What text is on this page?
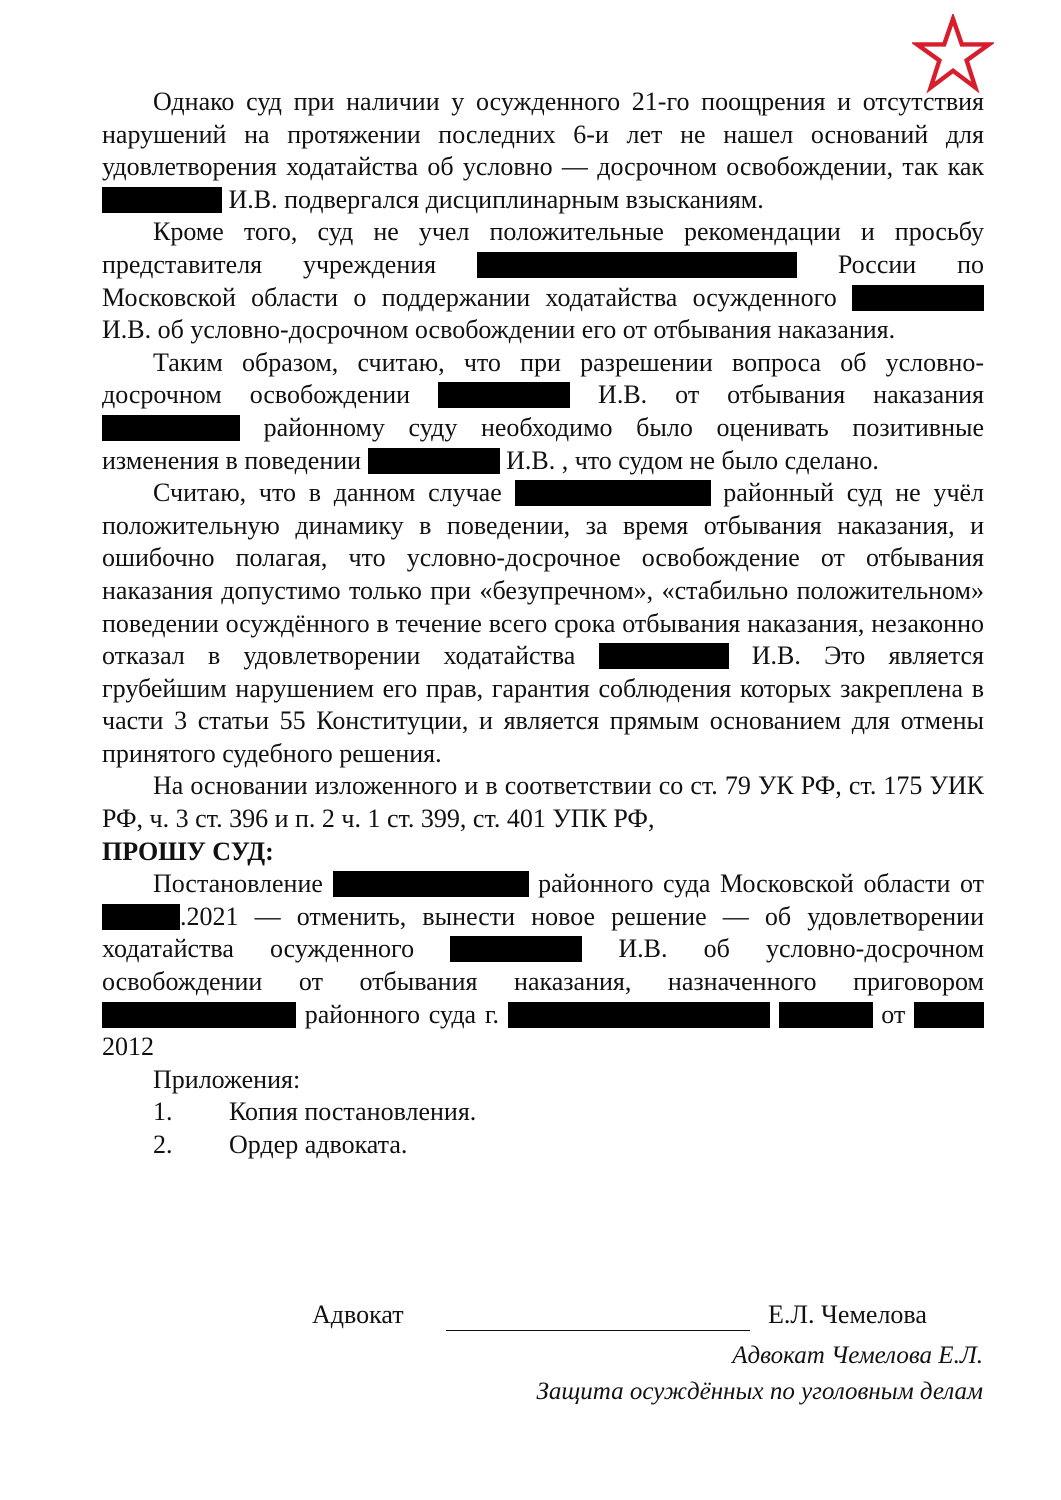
Однако суд при наличии у осужденного 21-го поощрения и отсутствия нарушений на протяжении последних 6-и лет не нашел оснований для удовлетворения ходатайства об условно — досрочном освобождении, так как  И.В. подвергался дисциплинарным взысканиям.

Кроме того, суд не учел положительные рекомендации и просьбу представителя учреждения	России по Московской области о поддержании ходатайства осужденного  И.В. об условно-досрочном освобождении его от отбывания наказания.

Таким образом, считаю, что при разрешении вопроса об условно-досрочном освобождении	И.В. от отбывания наказания  районному суду необходимо было оценивать позитивные изменения в поведении	И.В. , что судом не было сделано.

Считаю, что в данном случае	районный суд не учёл положительную динамику в поведении, за время отбывания наказания, и ошибочно полагая, что условно-досрочное освобождение от отбывания наказания допустимо только при «безупречном», «стабильно положительном» поведении осуждённого в течение всего срока отбывания наказания, незаконно отказал в удовлетворении ходатайства	И.В. Это является грубейшим нарушением его прав, гарантия соблюдения которых закреплена в части 3 статьи 55 Конституции, и является прямым основанием для отмены принятого судебного решения.

На основании изложенного и в соответствии со ст. 79 УК РФ, ст. 175 УИК РФ, ч. 3 ст. 396 и п. 2 ч. 1 ст. 399, ст. 401 УПК РФ,

ПРОШУ СУД:

Постановление	районного суда Московской области от .2021 — отменить, вынести новое решение — об удовлетворении ходатайства осужденного	И.В. об условно-досрочном освобождении от отбывания наказания, назначенного приговором  районного суда г.	от 2012

Приложения:

1. Копия постановления.
2. Ордер адвоката.
Адвокат	Е.Л. Чемелова
Адвокат Чемелова Е.Л.
Защита осуждённых по уголовным делам
